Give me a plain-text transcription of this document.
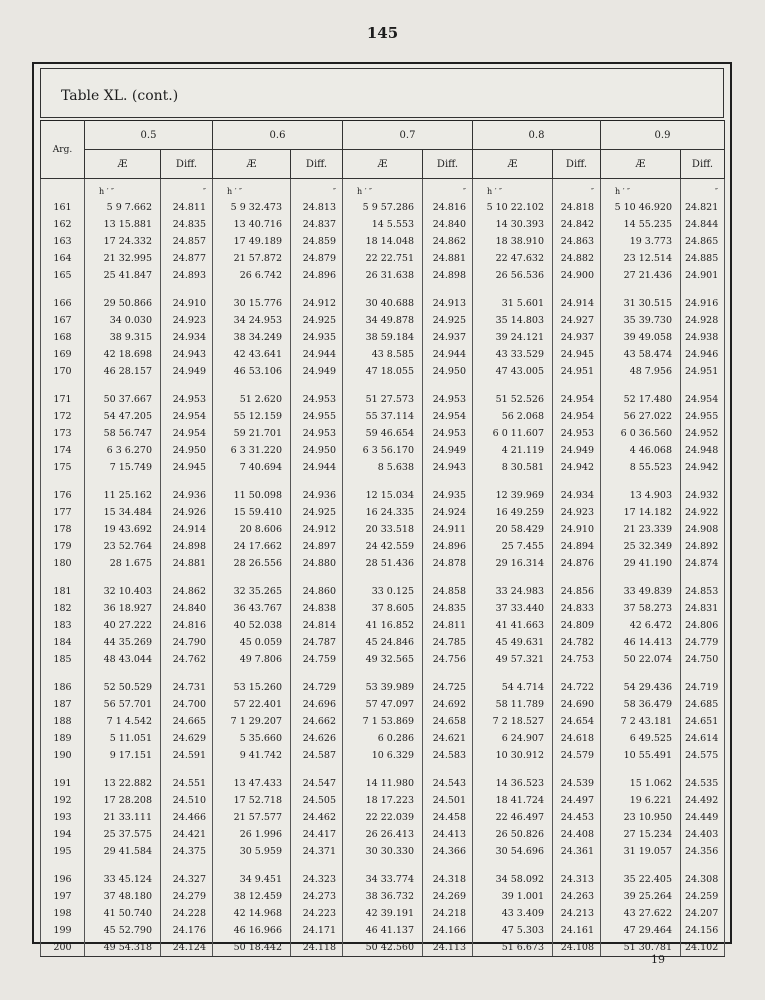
145
Table XL. (cont.)
Arg.	0.5		0.6		0.7		0.8		0.9	
	Æ	Diff.	Æ	Diff.	Æ	Diff.	Æ	Diff.	Æ	Diff.
	h ′ ″	″	h ′ ″	″	h ′ ″	″	h ′ ″	″	h ′ ″	″
161	5 9 7.662	24.811	5 9 32.473	24.813	5 9 57.286	24.816	5 10 22.102	24.818	5 10 46.920	24.821
162	13 15.881	24.835	13 40.716	24.837	14 5.553	24.840	14 30.393	24.842	14 55.235	24.844
163	17 24.332	24.857	17 49.189	24.859	18 14.048	24.862	18 38.910	24.863	19 3.773	24.865
164	21 32.995	24.877	21 57.872	24.879	22 22.751	24.881	22 47.632	24.882	23 12.514	24.885
165	25 41.847	24.893	26 6.742	24.896	26 31.638	24.898	26 56.536	24.900	27 21.436	24.901

166	29 50.866	24.910	30 15.776	24.912	30 40.688	24.913	31 5.601	24.914	31 30.515	24.916
167	34 0.030	24.923	34 24.953	24.925	34 49.878	24.925	35 14.803	24.927	35 39.730	24.928
168	38 9.315	24.934	38 34.249	24.935	38 59.184	24.937	39 24.121	24.937	39 49.058	24.938
169	42 18.698	24.943	42 43.641	24.944	43 8.585	24.944	43 33.529	24.945	43 58.474	24.946
170	46 28.157	24.949	46 53.106	24.949	47 18.055	24.950	47 43.005	24.951	48 7.956	24.951

171	50 37.667	24.953	51 2.620	24.953	51 27.573	24.953	51 52.526	24.954	52 17.480	24.954
172	54 47.205	24.954	55 12.159	24.955	55 37.114	24.954	56 2.068	24.954	56 27.022	24.955
173	58 56.747	24.954	59 21.701	24.953	59 46.654	24.953	6 0 11.607	24.953	6 0 36.560	24.952
174	6 3 6.270	24.950	6 3 31.220	24.950	6 3 56.170	24.949	4 21.119	24.949	4 46.068	24.948
175	7 15.749	24.945	7 40.694	24.944	8 5.638	24.943	8 30.581	24.942	8 55.523	24.942

176	11 25.162	24.936	11 50.098	24.936	12 15.034	24.935	12 39.969	24.934	13 4.903	24.932
177	15 34.484	24.926	15 59.410	24.925	16 24.335	24.924	16 49.259	24.923	17 14.182	24.922
178	19 43.692	24.914	20 8.606	24.912	20 33.518	24.911	20 58.429	24.910	21 23.339	24.908
179	23 52.764	24.898	24 17.662	24.897	24 42.559	24.896	25 7.455	24.894	25 32.349	24.892
180	28 1.675	24.881	28 26.556	24.880	28 51.436	24.878	29 16.314	24.876	29 41.190	24.874

181	32 10.403	24.862	32 35.265	24.860	33 0.125	24.858	33 24.983	24.856	33 49.839	24.853
182	36 18.927	24.840	36 43.767	24.838	37 8.605	24.835	37 33.440	24.833	37 58.273	24.831
183	40 27.222	24.816	40 52.038	24.814	41 16.852	24.811	41 41.663	24.809	42 6.472	24.806
184	44 35.269	24.790	45 0.059	24.787	45 24.846	24.785	45 49.631	24.782	46 14.413	24.779
185	48 43.044	24.762	49 7.806	24.759	49 32.565	24.756	49 57.321	24.753	50 22.074	24.750

186	52 50.529	24.731	53 15.260	24.729	53 39.989	24.725	54 4.714	24.722	54 29.436	24.719
187	56 57.701	24.700	57 22.401	24.696	57 47.097	24.692	58 11.789	24.690	58 36.479	24.685
188	7 1 4.542	24.665	7 1 29.207	24.662	7 1 53.869	24.658	7 2 18.527	24.654	7 2 43.181	24.651
189	5 11.051	24.629	5 35.660	24.626	6 0.286	24.621	6 24.907	24.618	6 49.525	24.614
190	9 17.151	24.591	9 41.742	24.587	10 6.329	24.583	10 30.912	24.579	10 55.491	24.575

191	13 22.882	24.551	13 47.433	24.547	14 11.980	24.543	14 36.523	24.539	15 1.062	24.535
192	17 28.208	24.510	17 52.718	24.505	18 17.223	24.501	18 41.724	24.497	19 6.221	24.492
193	21 33.111	24.466	21 57.577	24.462	22 22.039	24.458	22 46.497	24.453	23 10.950	24.449
194	25 37.575	24.421	26 1.996	24.417	26 26.413	24.413	26 50.826	24.408	27 15.234	24.403
195	29 41.584	24.375	30 5.959	24.371	30 30.330	24.366	30 54.696	24.361	31 19.057	24.356

196	33 45.124	24.327	34 9.451	24.323	34 33.774	24.318	34 58.092	24.313	35 22.405	24.308
197	37 48.180	24.279	38 12.459	24.273	38 36.732	24.269	39 1.001	24.263	39 25.264	24.259
198	41 50.740	24.228	42 14.968	24.223	42 39.191	24.218	43 3.409	24.213	43 27.622	24.207
199	45 52.790	24.176	46 16.966	24.171	46 41.137	24.166	47 5.303	24.161	47 29.464	24.156
200	49 54.318	24.124	50 18.442	24.118	50 42.560	24.113	51 6.673	24.108	51 30.781	24.102
19
